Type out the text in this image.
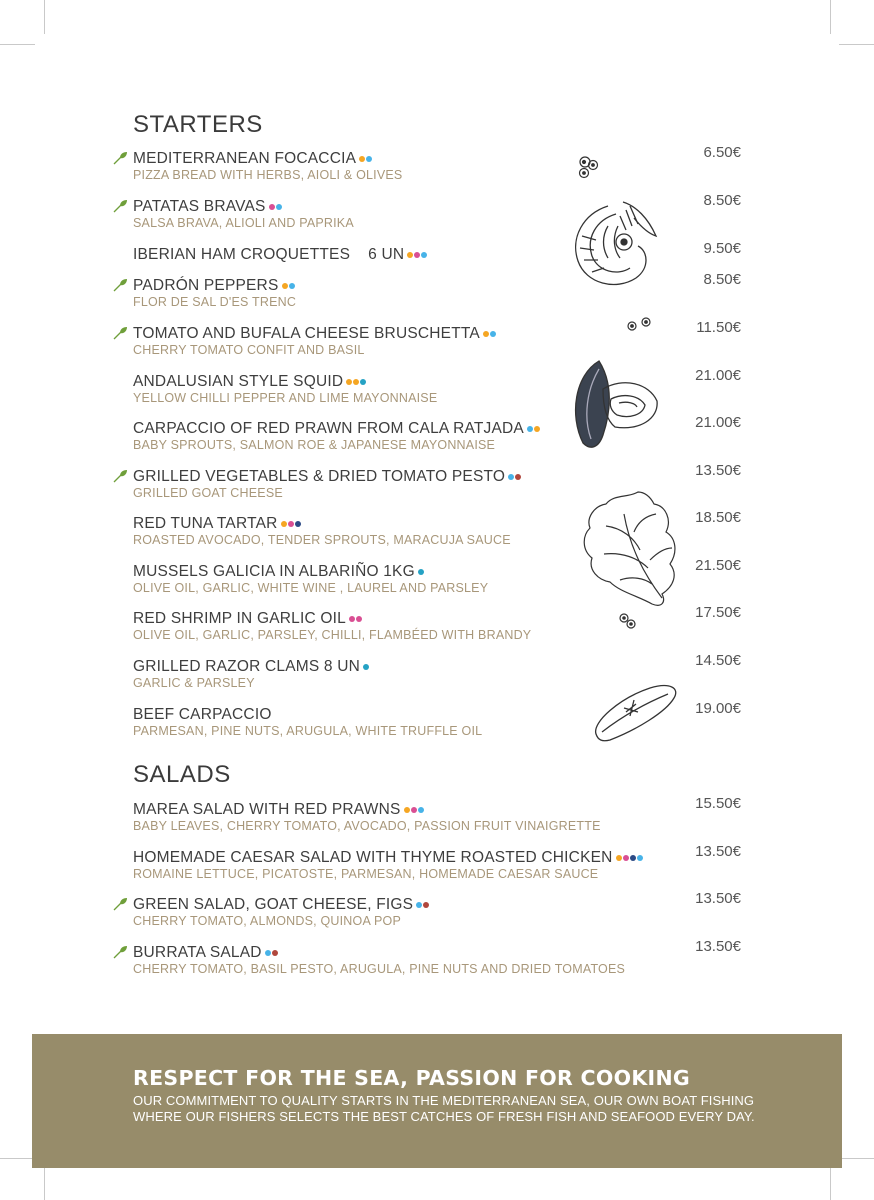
STARTERS
SALADS
MEDITERRANEAN FOCACCIA
PIZZA BREAD WITH HERBS, AIOLI & OLIVES
6.50€
PATATAS BRAVAS
SALSA BRAVA, ALIOLI AND PAPRIKA
8.50€
IBERIAN HAM CROQUETTES    6 UN	9.50€
PADRÓN PEPPERS
FLOR DE SAL D'ES TRENC
8.50€
TOMATO AND BUFALA CHEESE BRUSCHETTA
CHERRY TOMATO CONFIT AND BASIL
11.50€
ANDALUSIAN STYLE SQUID
YELLOW CHILLI PEPPER AND LIME MAYONNAISE
21.00€
CARPACCIO OF RED PRAWN FROM CALA RATJADA
BABY SPROUTS, SALMON ROE & JAPANESE MAYONNAISE
21.00€
GRILLED VEGETABLES & DRIED TOMATO PESTO
GRILLED GOAT CHEESE
13.50€
RED TUNA TARTAR
ROASTED AVOCADO, TENDER SPROUTS, MARACUJA SAUCE
18.50€
MUSSELS GALICIA IN ALBARIÑO 1KG
OLIVE OIL, GARLIC, WHITE WINE , LAUREL AND PARSLEY
21.50€
RED SHRIMP IN GARLIC OIL
OLIVE OIL, GARLIC, PARSLEY, CHILLI, FLAMBÉED WITH BRANDY
17.50€
GRILLED RAZOR CLAMS 8 UN
GARLIC & PARSLEY
14.50€
BEEF CARPACCIO
PARMESAN, PINE NUTS, ARUGULA, WHITE TRUFFLE OIL
19.00€
MAREA SALAD WITH RED PRAWNS
BABY LEAVES, CHERRY TOMATO, AVOCADO, PASSION FRUIT VINAIGRETTE
15.50€
HOMEMADE CAESAR SALAD WITH THYME ROASTED CHICKEN
ROMAINE LETTUCE, PICATOSTE, PARMESAN, HOMEMADE CAESAR SAUCE
13.50€
GREEN SALAD, GOAT CHEESE, FIGS
CHERRY TOMATO, ALMONDS, QUINOA POP
13.50€
BURRATA SALAD
CHERRY TOMATO, BASIL PESTO, ARUGULA, PINE NUTS AND DRIED TOMATOES
13.50€
RESPECT FOR THE SEA, PASSION FOR COOKING
OUR COMMITMENT TO QUALITY STARTS IN THE MEDITERRANEAN SEA, OUR OWN BOAT FISHING
WHERE OUR FISHERS SELECTS THE BEST CATCHES OF FRESH FISH AND SEAFOOD EVERY DAY.
